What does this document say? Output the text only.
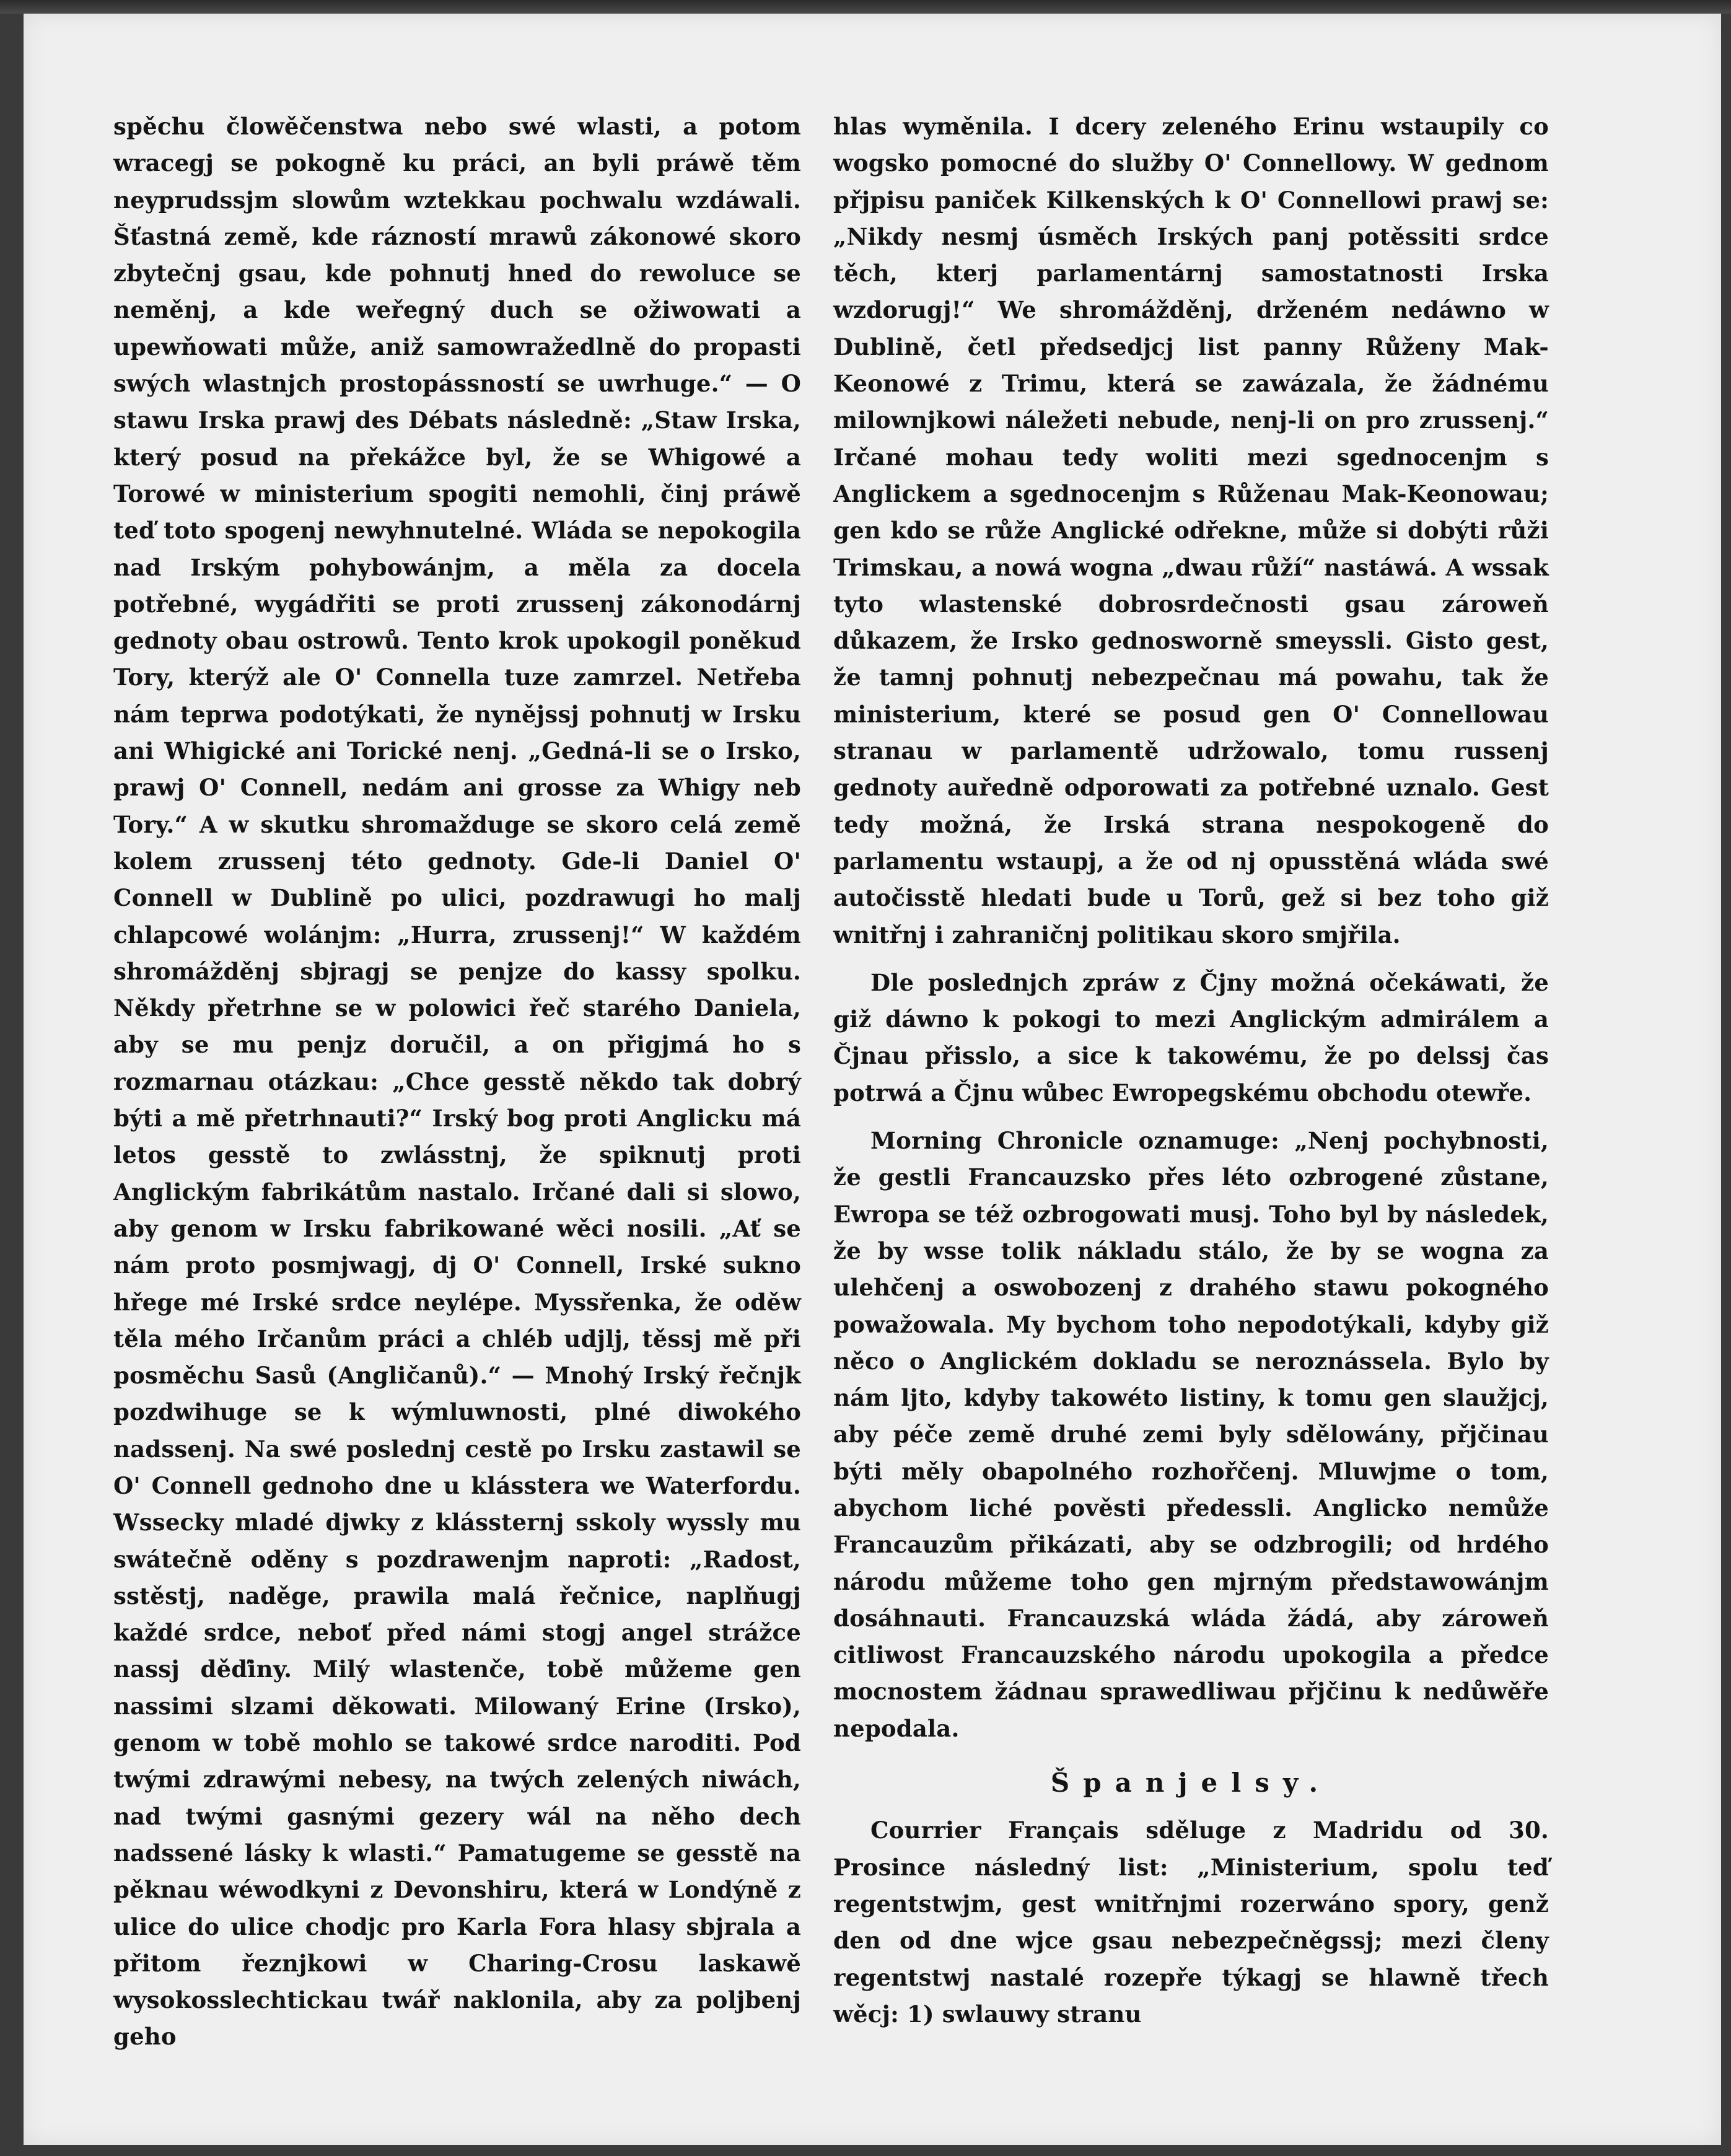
spěchu člowěčenstwa nebo swé wlasti, a potom wracegj se pokogně ku práci, an byli práwě těm neyprudssjm slowům wztekkau pochwalu wzdáwali. Šťastná země, kde rázností mrawů zákonowé skoro zbytečnj gsau, kde pohnutj hned do rewoluce se neměnj, a kde weřegný duch se ožiwowati a upewňowati může, aniž samowražedlně do propasti swých wlastnjch prostopássností se uwrhuge.“ — O stawu Irska prawj des Débats následně: „Staw Irska, který posud na překážce byl, že se Whigowé a Torowé w ministerium spogiti nemohli, činj práwě teď toto spogenj newyhnutelné. Wláda se nepokogila nad Irským pohybowánjm, a měla za docela potřebné, wygádřiti se proti zrussenj zákonodárnj gednoty obau ostrowů. Tento krok upokogil poněkud Tory, kterýž ale O' Connella tuze zamrzel. Netřeba nám teprwa podotýkati, že nynějssj pohnutj w Irsku ani Whigické ani Torické nenj. „Gedná-li se o Irsko, prawj O' Connell, nedám ani grosse za Whigy neb Tory.“ A w skutku shromažduge se skoro celá země kolem zrussenj této gednoty. Gde-li Daniel O' Connell w Dublině po ulici, pozdrawugi ho malj chlapcowé wolánjm: „Hurra, zrussenj!“ W každém shromážděnj sbjragj se penjze do kassy spolku. Někdy přetrhne se w polowici řeč starého Daniela, aby se mu penjz doručil, a on přigjmá ho s rozmarnau otázkau: „Chce gesstě někdo tak dobrý býti a mě přetrhnauti?“ Irský bog proti Anglicku má letos gesstě to zwlásstnj, že spiknutj proti Anglickým fabrikátům nastalo. Irčané dali si slowo, aby genom w Irsku fabrikowané wěci nosili. „Ať se nám proto posmjwagj, dj O' Connell, Irské sukno hřege mé Irské srdce neylépe. Myssřenka, že oděw těla mého Irčanům práci a chléb udjlj, těssj mě při posměchu Sasů (Angličanů).“ — Mnohý Irský řečnjk pozdwihuge se k wýmluwnosti, plné diwokého nadssenj. Na swé poslednj cestě po Irsku zastawil se O' Connell gednoho dne u klásstera we Waterfordu. Wssecky mladé djwky z klássternj sskoly wyssly mu swátečně oděny s pozdrawenjm naproti: „Radost, sstěstj, naděge, prawila malá řečnice, naplňugj každé srdce, neboť před námi stogj angel strážce nassj děďiny. Milý wlastenče, tobě můžeme gen nassimi slzami děkowati. Milowaný Erine (Irsko), genom w tobě mohlo se takowé srdce naroditi. Pod twými zdrawými nebesy, na twých zelených niwách, nad twými gasnými gezery wál na něho dech nadssené lásky k wlasti.“ Pamatugeme se gesstě na pěknau wéwodkyni z Devonshiru, která w Londýně z ulice do ulice chodjc pro Karla Fora hlasy sbjrala a přitom řeznjkowi w Charing-Crosu laskawě wysokosslechtickau twář naklonila, aby za poljbenj geho

hlas wyměnila. I dcery zeleného Erinu wstaupily co wogsko pomocné do služby O' Connellowy. W gednom přjpisu paniček Kilkenských k O' Connellowi prawj se: „Nikdy nesmj úsměch Irských panj potěssiti srdce těch, kterj parlamentárnj samostatnosti Irska wzdorugj!“ We shromážděnj, drženém nedáwno w Dublině, četl předsedjcj list panny Růženy Mak-Keonowé z Trimu, která se zawázala, že žádnému milownjkowi náležeti nebude, nenj-li on pro zrussenj.“ Irčané mohau tedy woliti mezi sgednocenjm s Anglickem a sgednocenjm s Růženau Mak-Keonowau; gen kdo se růže Anglické odřekne, může si dobýti růži Trimskau, a nowá wogna „dwau růží“ nastáwá. A wssak tyto wlastenské dobrosrdečnosti gsau zároweň důkazem, že Irsko gednosworně smeyssli. Gisto gest, že tamnj pohnutj nebezpečnau má powahu, tak že ministerium, které se posud gen O' Connellowau stranau w parlamentě udržowalo, tomu russenj gednoty auředně odporowati za potřebné uznalo. Gest tedy možná, že Irská strana nespokogeně do parlamentu wstaupj, a že od nj opusstěná wláda swé autočisstě hledati bude u Torů, gež si bez toho giž wnitřnj i zahraničnj politikau skoro smjřila.

Dle poslednjch zpráw z Čjny možná očekáwati, že giž dáwno k pokogi to mezi Anglickým admirálem a Čjnau přisslo, a sice k takowému, že po delssj čas potrwá a Čjnu wůbec Ewropegskému obchodu otewře.

Morning Chronicle oznamuge: „Nenj pochybnosti, že gestli Francauzsko přes léto ozbrogené zůstane, Ewropa se též ozbrogowati musj. Toho byl by následek, že by wsse tolik nákladu stálo, že by se wogna za ulehčenj a oswobozenj z drahého stawu pokogného powažowala. My bychom toho nepodotýkali, kdyby giž něco o Anglickém dokladu se neroznássela. Bylo by nám ljto, kdyby takowéto listiny, k tomu gen slaužjcj, aby péče země druhé zemi byly sdělowány, přjčinau býti měly obapolného rozhořčenj. Mluwjme o tom, abychom liché pověsti předessli. Anglicko nemůže Francauzům přikázati, aby se odzbrogili; od hrdého národu můžeme toho gen mjrným předstawowánjm dosáhnauti. Francauzská wláda žádá, aby zároweň citliwost Francauzského národu upokogila a předce mocnostem žádnau sprawedliwau přjčinu k nedůwěře nepodala.

Španjelsy.

Courrier Français sděluge z Madridu od 30. Prosince následný list: „Ministerium, spolu teď regentstwjm, gest wnitřnjmi rozerwáno spory, genž den od dne wjce gsau nebezpečněgssj; mezi členy regentstwj nastalé rozepře týkagj se hlawně třech wěcj: 1) swlauwy stranu
